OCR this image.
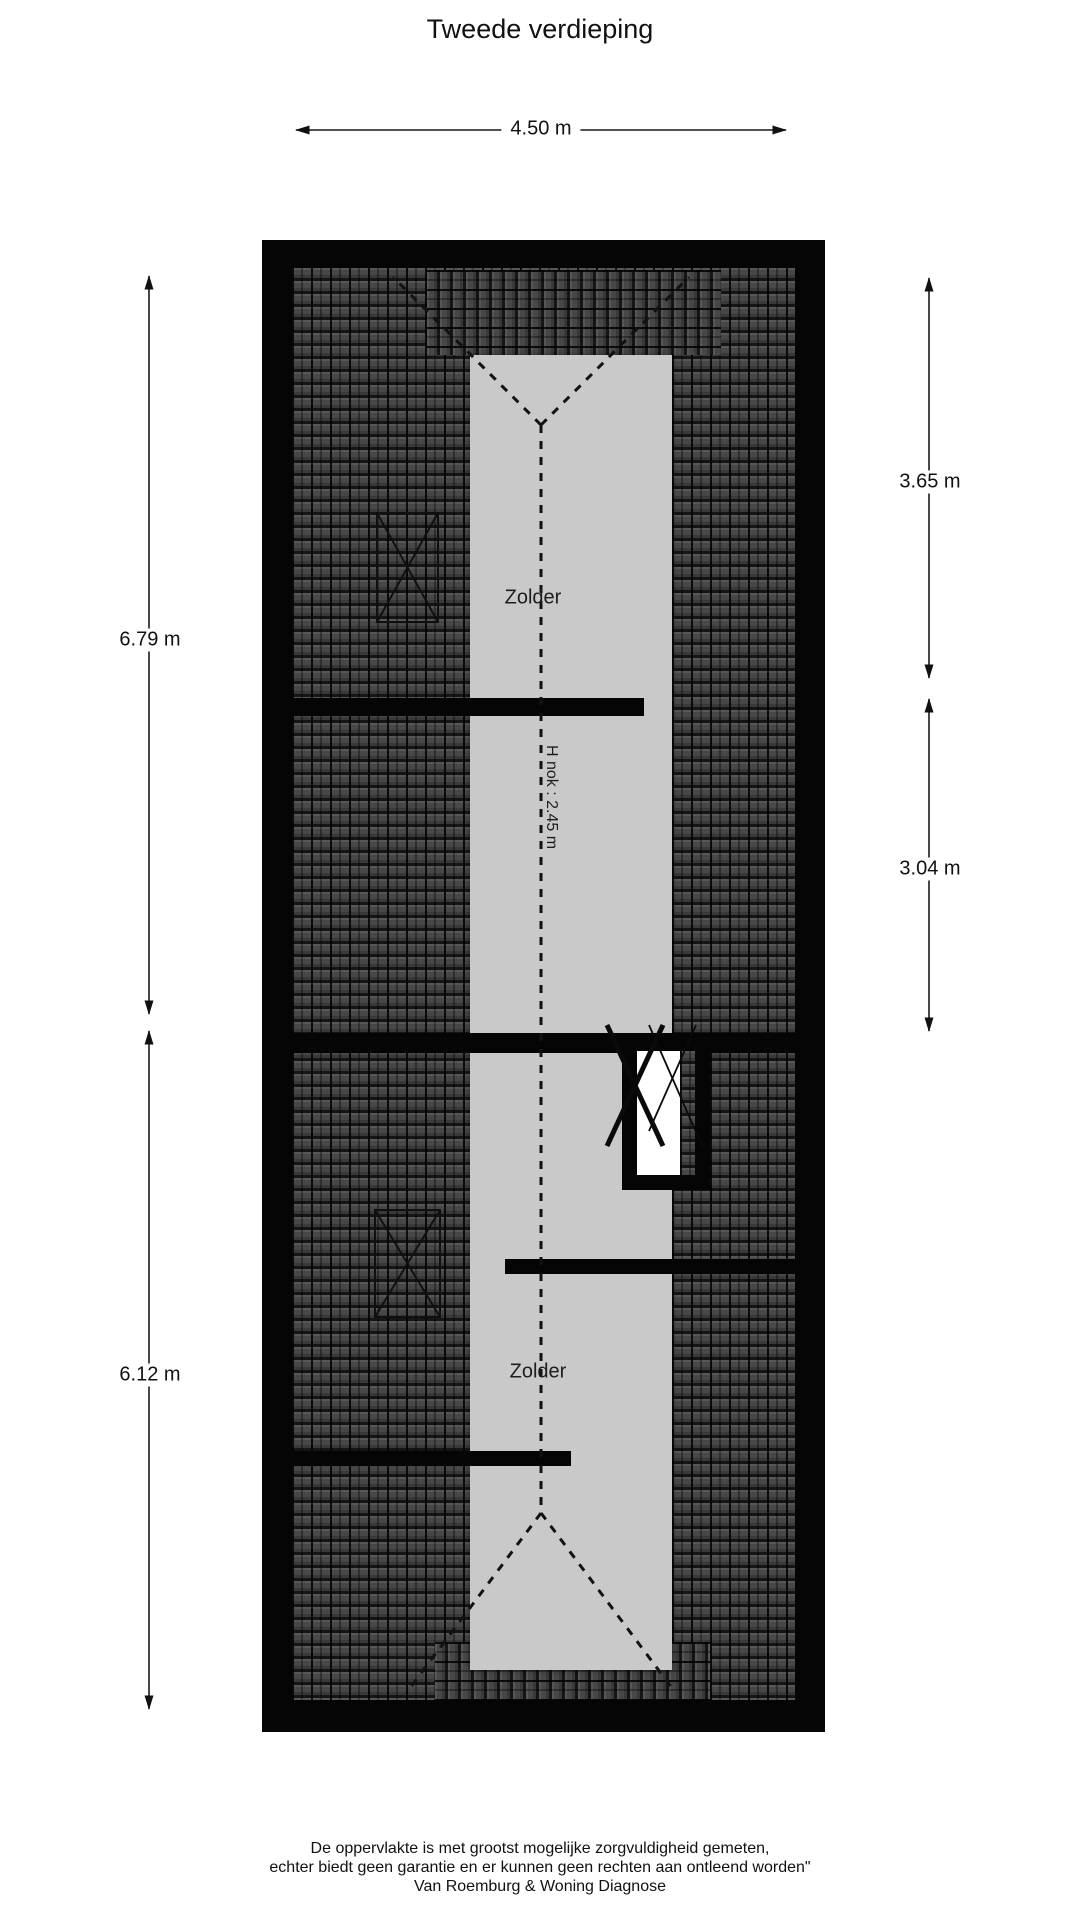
Tweede verdieping
Zolder
Zolder
H nok : 2.45 m
4.50 m
6.79 m
6.12 m
3.65 m
3.04 m
De oppervlakte is met grootst mogelijke zorgvuldigheid gemeten,
echter biedt geen garantie en er kunnen geen rechten aan ontleend worden"
Van Roemburg & Woning Diagnose
